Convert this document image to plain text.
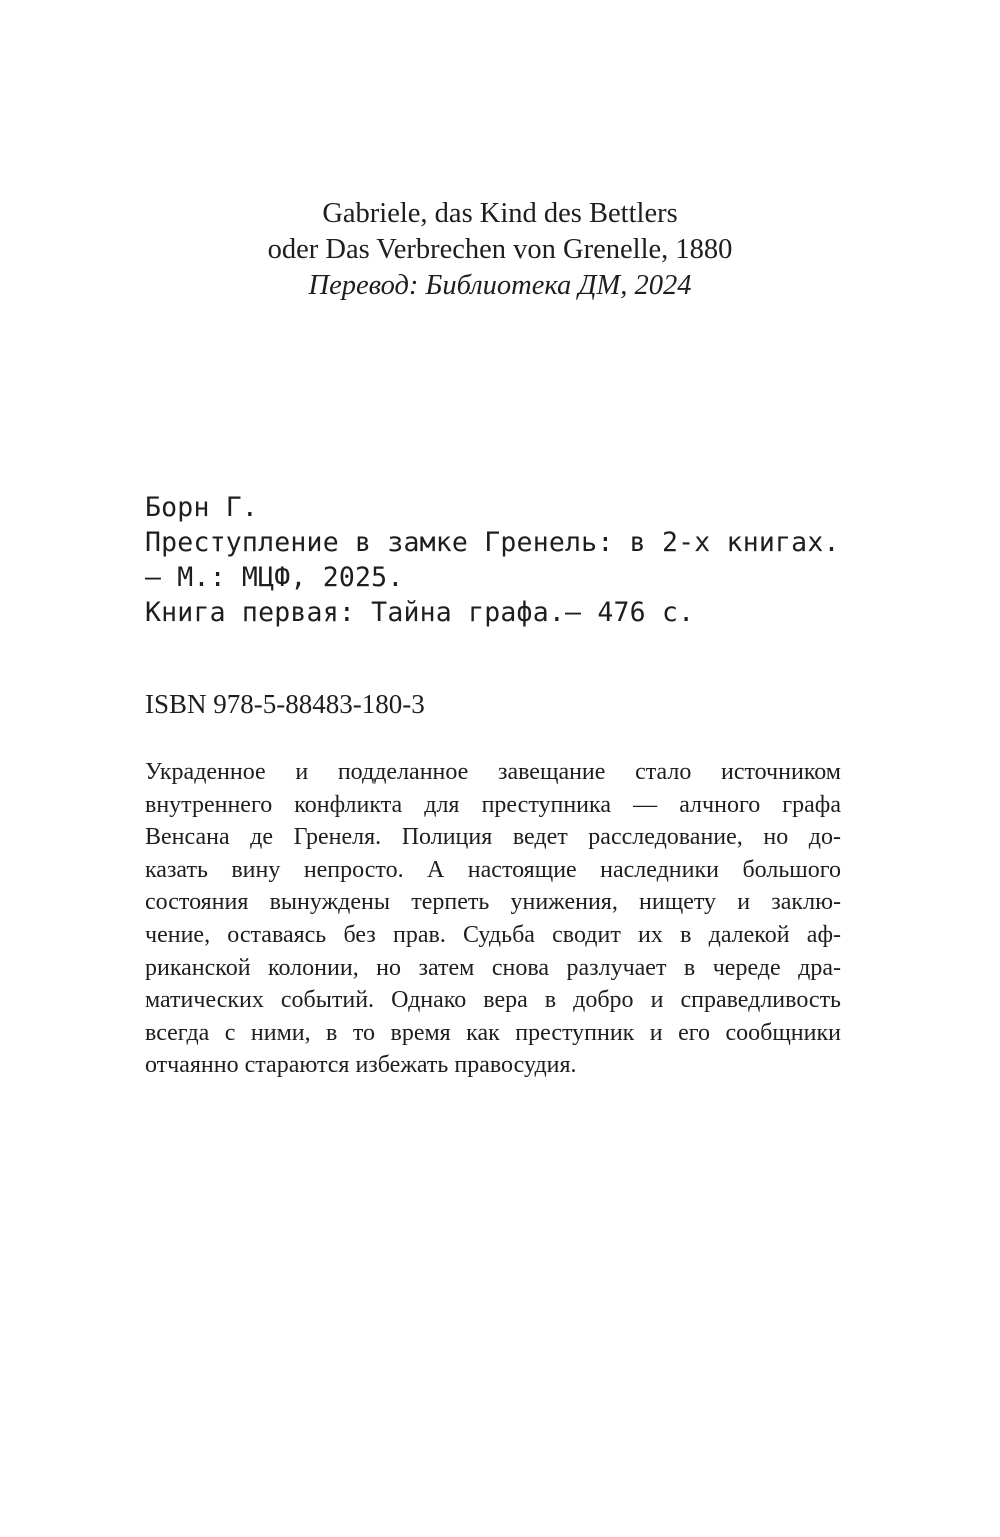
Gabriele, das Kind des Bettlers
oder Das Verbrechen von Grenelle, 1880
Перевод: Библиотека ДМ, 2024
Борн Г.
Преступление в замке Гренель: в 2-х книгах.
— М.: МЦФ, 2025.
Книга первая: Тайна графа.— 476 с.
ISBN 978-5-88483-180-3
Украденное и подделанное завещание стало источником
внутреннего конфликта для преступника — алчного графа
Венсана де Гренеля. Полиция ведет расследование, но до-
казать вину непросто. А настоящие наследники большого
состояния вынуждены терпеть унижения, нищету и заклю-
чение, оставаясь без прав. Судьба сводит их в далекой аф-
риканской колонии, но затем снова разлучает в череде дра-
матических событий. Однако вера в добро и справедливость
всегда с ними, в то время как преступник и его сообщники
отчаянно стараются избежать правосудия.
